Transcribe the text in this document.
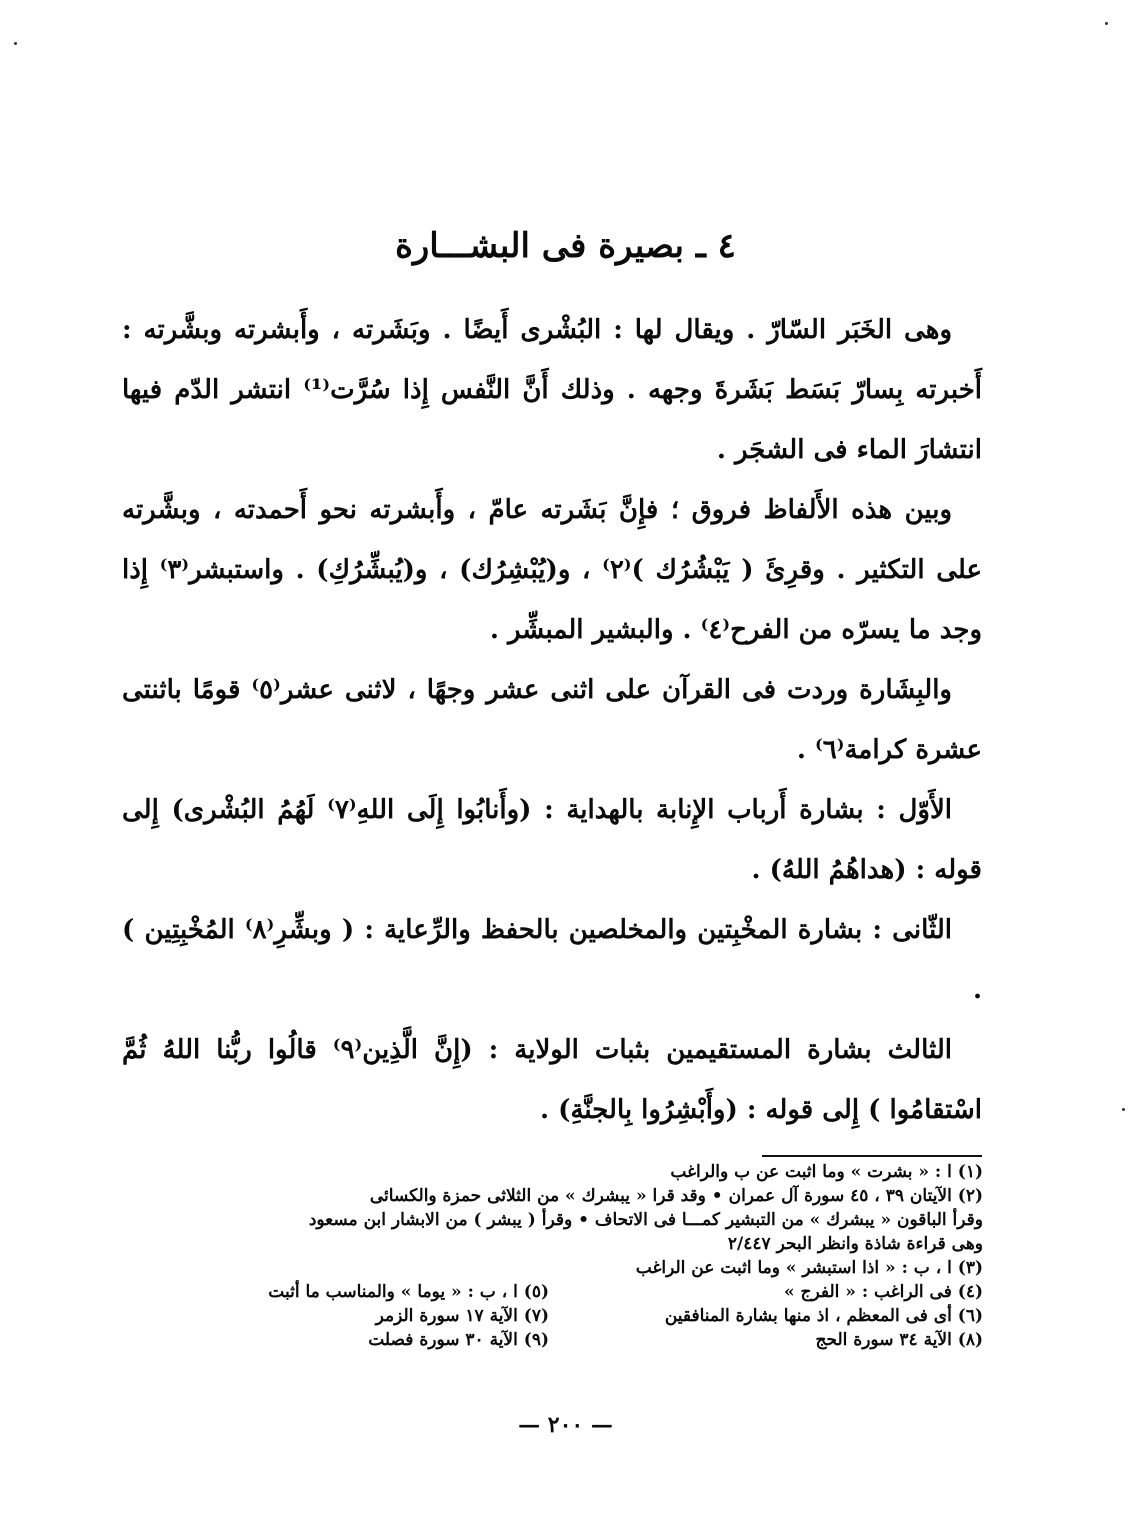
٤ ـ بصيرة فى البشـــارة

وهى الخَبَر السّارّ . ويقال لها : البُشْرى أَيضًا . وبَشَرته ، وأَبشرته وبشَّرته : أَخبرته بِسارّ بَسَط بَشَرةَ وجهه . وذلك أَنَّ النَّفس إِذا سُرَّت⁽¹⁾ انتشر الدّم فيها انتشارَ الماء فى الشجَر .

وبين هذه الأَلفاظ فروق ؛ فإِنَّ بَشَرته عامّ ، وأَبشرته نحو أَحمدته ، وبشَّرته على التكثير . وقرِئَ ( يَبْشُرُك )⁽٢⁾ ، و(يُبْشِرُك) ، و(يُبشِّرُكِ) . واستبشر⁽٣⁾ إِذا وجد ما يسرّه من الفرح⁽٤⁾ . والبشير المبشِّر .

والبِشَارة وردت فى القرآن على اثنى عشر وجهًا ، لاثنى عشر⁽٥⁾ قومًا باثنتى عشرة كرامة⁽٦⁾ .

الأَوّل : بشارة أَرباب الإِنابة بالهداية : (وأَنابُوا إِلَى اللهِ⁽٧⁾ لَهُمُ البُشْرى) إِلى قوله : (هداهُمُ اللهُ) .

الثّانى : بشارة المخْبِتين والمخلصين بالحفظ والرِّعاية : ( وبشِّرِ⁽٨⁾ المُخْبِتِين ) .

الثالث بشارة المستقيمين بثبات الولاية : (إِنَّ الَّذِين⁽٩⁾ قالُوا ربُّنا اللهُ ثُمَّ اسْتقامُوا ) إِلى قوله : (وأَبْشِرُوا بِالجنَّةِ) .

(١) ا : « بشرت » وما اثبت عن ب والراغب
(٢) الآيتان ٣٩ ، ٤٥ سورة آل عمران • وقد قرا « يبشرك » من الثلاثى حمزة والكسائى
وقرأ الباقون « يبشرك » من التبشير كمـــا فى الاتحاف • وقرأ ( يبشر ) من الابشار ابن مسعود
وهى قراءة شاذة وانظر البحر ٢/٤٤٧
(٣) ا ، ب : « اذا استبشر » وما اثبت عن الراغب
(٤) فى الراغب : « الفرج »
(٥) ا ، ب : « يوما » والمناسب ما أثبت
(٦) أى فى المعظم ، اذ منها بشارة المنافقين
(٧) الآية ١٧ سورة الزمر
(٨) الآية ٣٤ سورة الحج
(٩) الآية ٣٠ سورة فصلت
— ٢٠٠ —
